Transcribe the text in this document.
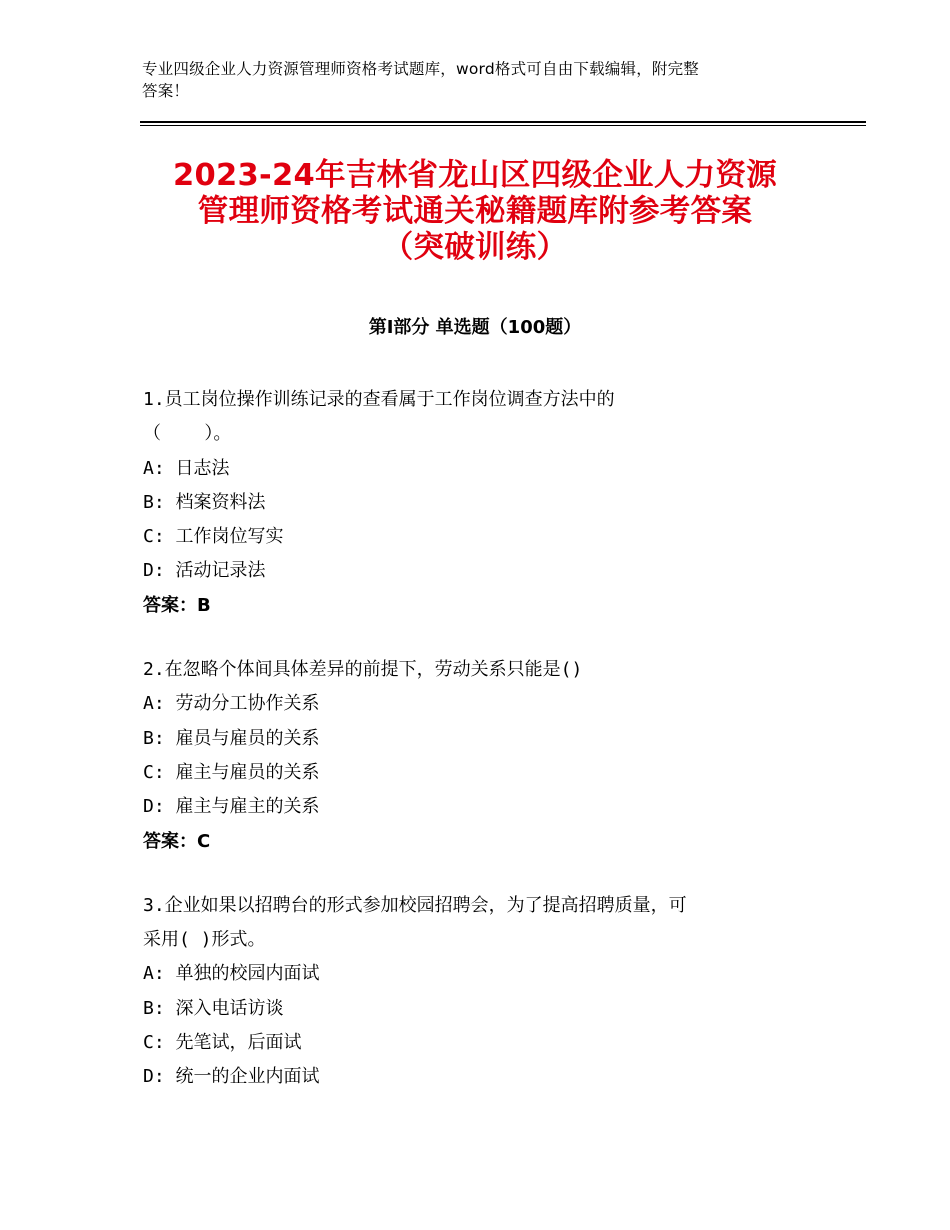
专业四级企业人力资源管理师资格考试题库，word格式可自由下载编辑，附完整
答案！
2023-24年吉林省龙山区四级企业人力资源
管理师资格考试通关秘籍题库附参考答案
（突破训练）
第Ⅰ部分 单选题（100题）
1.员工岗位操作训练记录的查看属于工作岗位调查方法中的
（    ）。
A: 日志法
B: 档案资料法
C: 工作岗位写实
D: 活动记录法
答案：B
2.在忽略个体间具体差异的前提下，劳动关系只能是()
A: 劳动分工协作关系
B: 雇员与雇员的关系
C: 雇主与雇员的关系
D: 雇主与雇主的关系
答案：C
3.企业如果以招聘台的形式参加校园招聘会，为了提高招聘质量，可
采用( )形式。
A: 单独的校园内面试
B: 深入电话访谈
C: 先笔试，后面试
D: 统一的企业内面试
